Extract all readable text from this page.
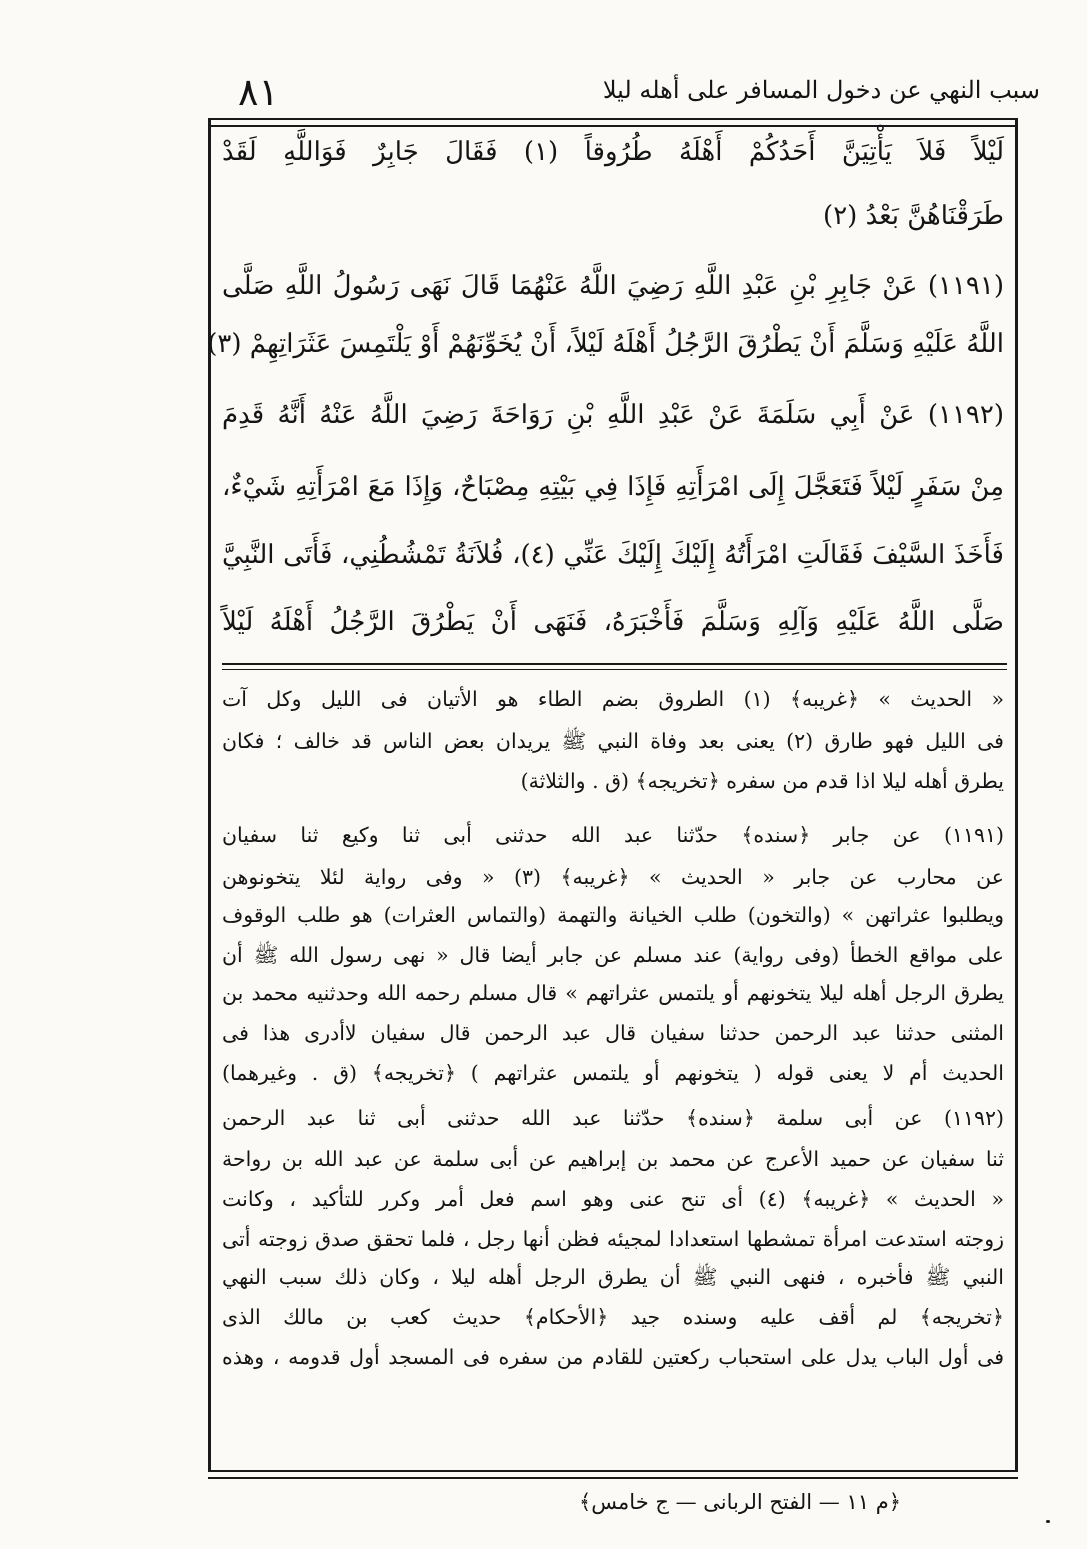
٨١	سبب النهي عن دخول المسافر على أهله ليلا
لَيْلاً فَلاَ يَأْتِيَنَّ أَحَدُكُمْ أَهْلَهُ طُرُوقاً (١) فَقَالَ جَابِرٌ فَوَاللَّهِ لَقَدْ
طَرَقْنَاهُنَّ بَعْدُ (٢)
(١١٩١) عَنْ جَابِرِ بْنِ عَبْدِ اللَّهِ رَضِيَ اللَّهُ عَنْهُمَا قَالَ نَهَى رَسُولُ اللَّهِ صَلَّى
اللَّهُ عَلَيْهِ وَسَلَّمَ أَنْ يَطْرُقَ الرَّجُلُ أَهْلَهُ لَيْلاً، أَنْ يُخَوِّنَهُمْ أَوْ يَلْتَمِسَ عَثَرَاتِهِمْ (٣)
(١١٩٢) عَنْ أَبِي سَلَمَةَ عَنْ عَبْدِ اللَّهِ بْنِ رَوَاحَةَ رَضِيَ اللَّهُ عَنْهُ أَنَّهُ قَدِمَ
مِنْ سَفَرٍ لَيْلاً فَتَعَجَّلَ إِلَى امْرَأَتِهِ فَإِذَا فِي بَيْتِهِ مِصْبَاحٌ، وَإِذَا مَعَ امْرَأَتِهِ شَيْءٌ،
فَأَخَذَ السَّيْفَ فَقَالَتِ امْرَأَتُهُ إِلَيْكَ إِلَيْكَ عَنِّي (٤)، فُلاَنَةُ تَمْشُطُنِي، فَأَتَى النَّبِيَّ
صَلَّى اللَّهُ عَلَيْهِ وَآلِهِ وَسَلَّمَ فَأَخْبَرَهُ، فَنَهَى أَنْ يَطْرُقَ الرَّجُلُ أَهْلَهُ لَيْلاً
« الحديث » ﴿غريبه﴾ (١) الطروق بضم الطاء هو الأتيان فى الليل وكل آت
فى الليل فهو طارق (٢) يعنى بعد وفاة النبي ﷺ يريدان بعض الناس قد خالف ؛ فكان
يطرق أهله ليلا اذا قدم من سفره ﴿تخريجه﴾ (ق . والثلاثة)
(١١٩١) عن جابر ﴿سنده﴾ حدّثنا عبد الله حدثنى أبى ثنا وكيع ثنا سفيان
عن محارب عن جابر « الحديث » ﴿غريبه﴾ (٣) « وفى رواية لئلا يتخونوهن
ويطلبوا عثراتهن » (والتخون) طلب الخيانة والتهمة (والتماس العثرات) هو طلب الوقوف
على مواقع الخطأ (وفى رواية) عند مسلم عن جابر أيضا قال « نهى رسول الله ﷺ أن
يطرق الرجل أهله ليلا يتخونهم أو يلتمس عثراتهم » قال مسلم رحمه الله وحدثنيه محمد بن
المثنى حدثنا عبد الرحمن حدثنا سفيان قال عبد الرحمن قال سفيان لاأدرى هذا فى
الحديث أم لا يعنى قوله ( يتخونهم أو يلتمس عثراتهم ) ﴿تخريجه﴾ (ق . وغيرهما)
(١١٩٢) عن أبى سلمة ﴿سنده﴾ حدّثنا عبد الله حدثنى أبى ثنا عبد الرحمن
ثنا سفيان عن حميد الأعرج عن محمد بن إبراهيم عن أبى سلمة عن عبد الله بن رواحة
« الحديث » ﴿غريبه﴾ (٤) أى تنح عنى وهو اسم فعل أمر وكرر للتأكيد ، وكانت
زوجته استدعت امرأة تمشطها استعدادا لمجيئه فظن أنها رجل ، فلما تحقق صدق زوجته أتى
النبي ﷺ فأخبره ، فنهى النبي ﷺ أن يطرق الرجل أهله ليلا ، وكان ذلك سبب النهي
﴿تخريجه﴾ لم أقف عليه وسنده جيد ﴿الأحكام﴾ حديث كعب بن مالك الذى
فى أول الباب يدل على استحباب ركعتين للقادم من سفره فى المسجد أول قدومه ، وهذه
﴿م ١١ — الفتح الربانى — ج خامس﴾
